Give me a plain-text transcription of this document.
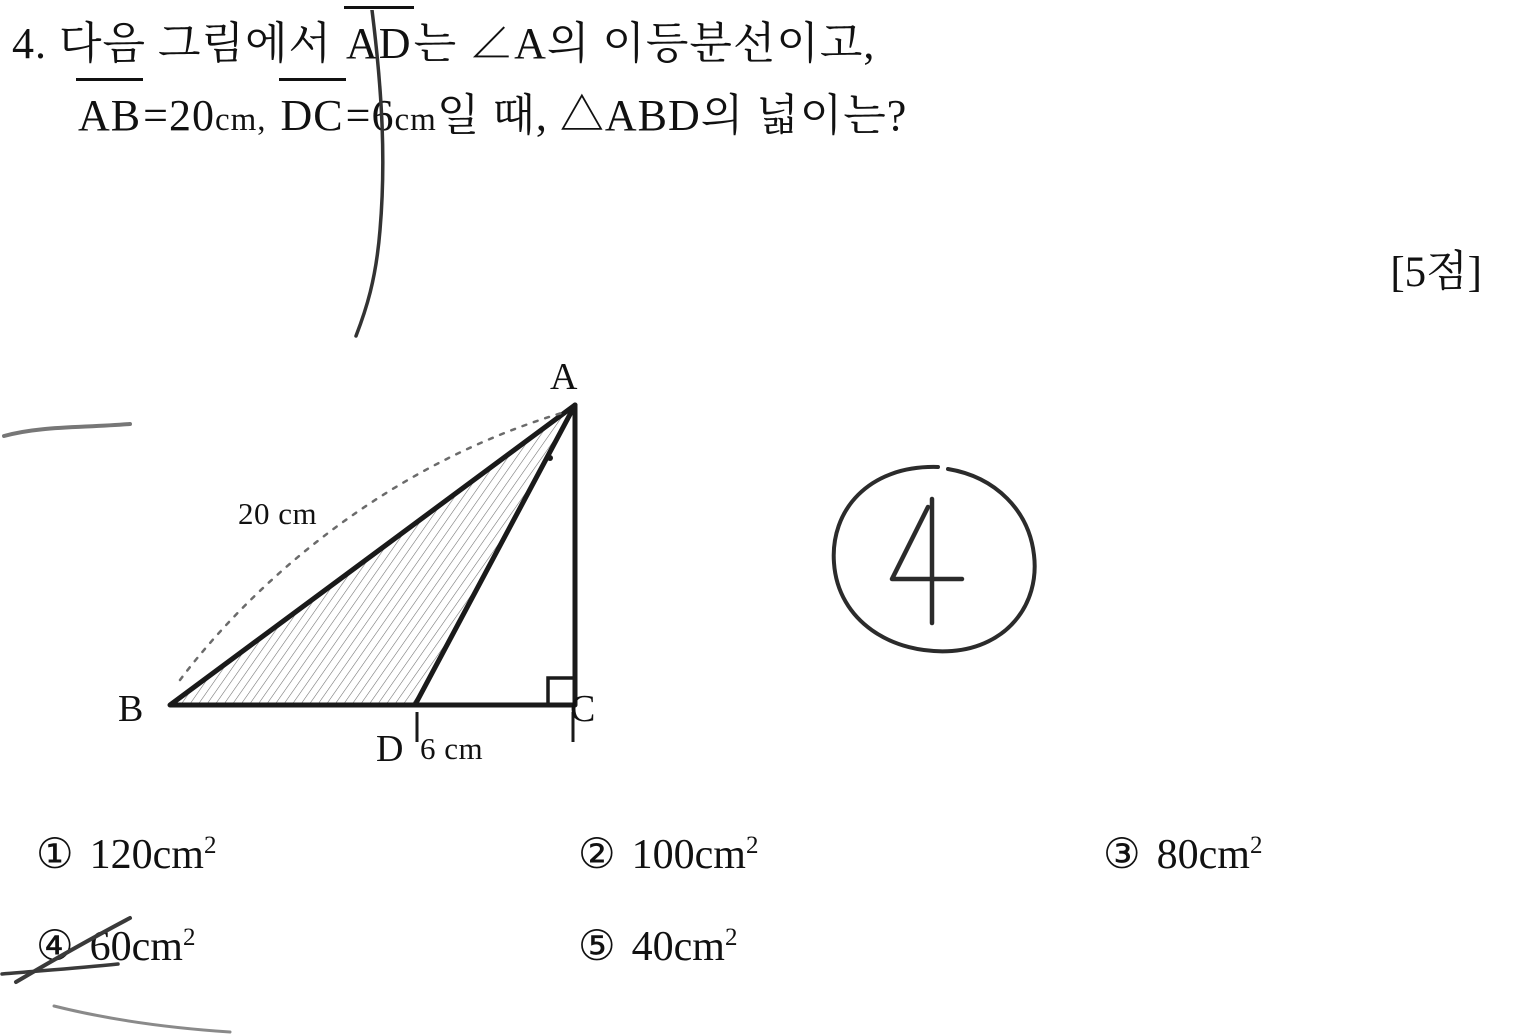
4. 다음 그림에서 AD는 ∠A의 이등분선이고,
AB=20cm, DC=6cm일 때, △ABD의 넓이는?
[5점]
A
B	C
D
20 cm
6 cm
① $120cm^2$	② $100cm^2$	③ $80cm^2$
④ $60cm^2$	⑤ $40cm^2$
